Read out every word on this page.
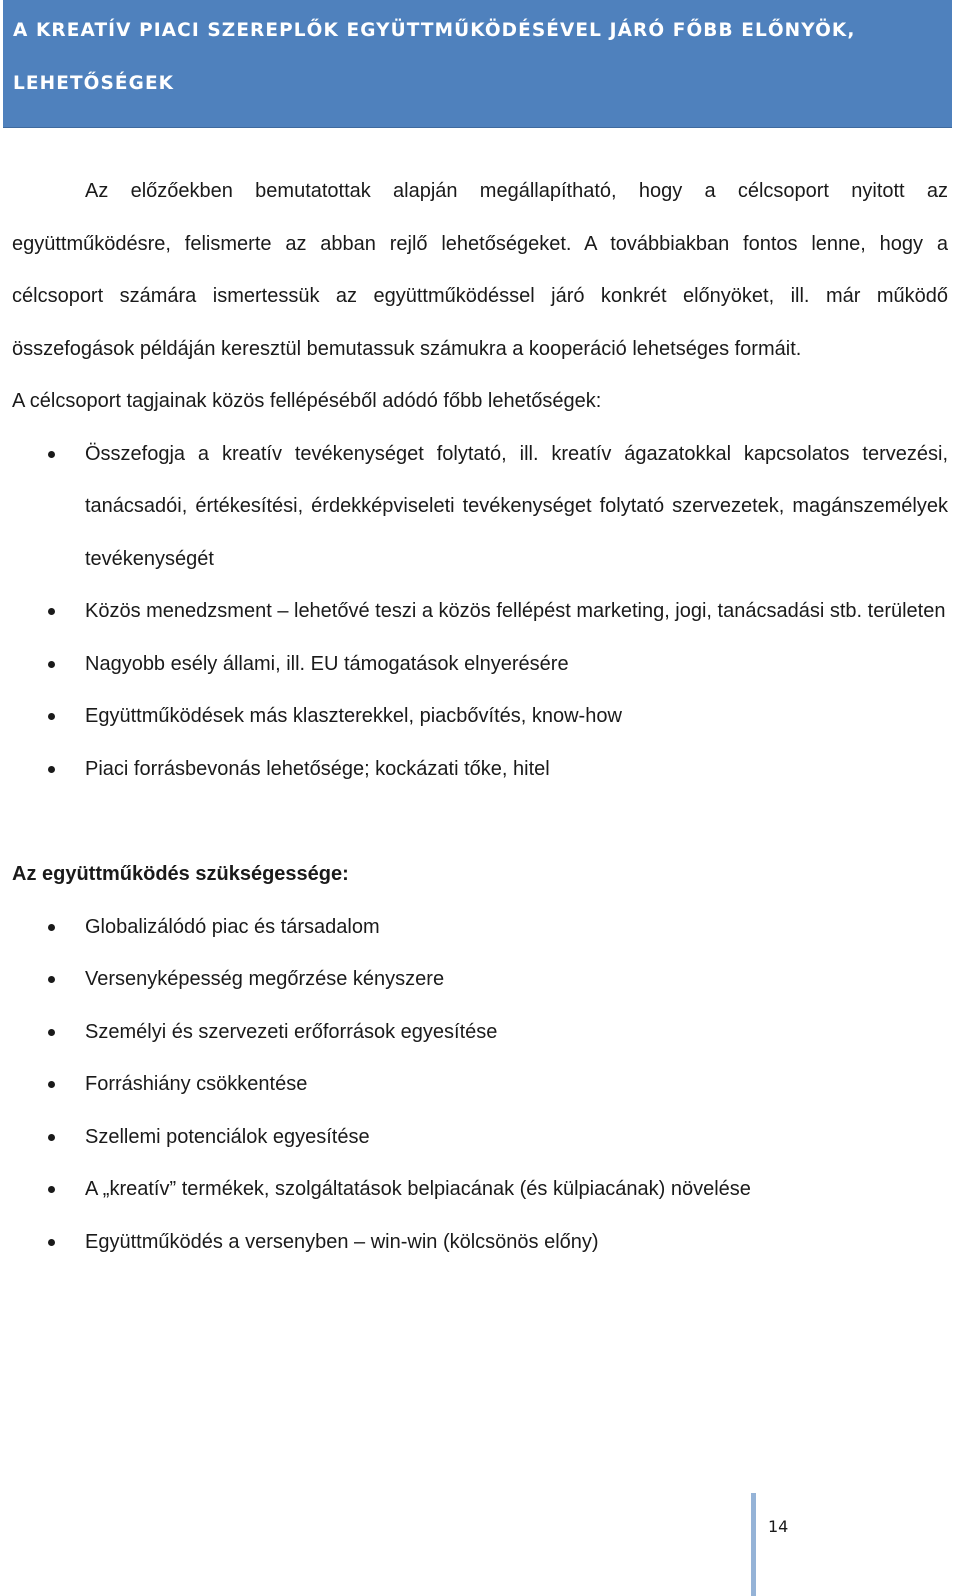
A KREATÍV PIACI SZEREPLŐK EGYÜTTMŰKÖDÉSÉVEL JÁRÓ FŐBB ELŐNYÖK, LEHETŐSÉGEK

Az előzőekben bemutatottak alapján megállapítható, hogy a célcsoport nyitott az együttműködésre, felismerte az abban rejlő lehetőségeket. A továbbiakban fontos lenne, hogy a célcsoport számára ismertessük az együttműködéssel járó konkrét előnyöket, ill. már működő összefogások példáján keresztül bemutassuk számukra a kooperáció lehetséges formáit.

A célcsoport tagjainak közös fellépéséből adódó főbb lehetőségek:

Összefogja a kreatív tevékenységet folytató, ill. kreatív ágazatokkal kapcsolatos tervezési, tanácsadói, értékesítési, érdekképviseleti tevékenységet folytató szervezetek, magánszemélyek tevékenységét
Közös menedzsment – lehetővé teszi a közös fellépést marketing, jogi, tanácsadási stb. területen
Nagyobb esély állami, ill. EU támogatások elnyerésére
Együttműködések más klaszterekkel, piacbővítés, know-how
Piaci forrásbevonás lehetősége; kockázati tőke, hitel

Az együttműködés szükségessége:

Globalizálódó piac és társadalom
Versenyképesség megőrzése kényszere
Személyi és szervezeti erőforrások egyesítése
Forráshiány csökkentése
Szellemi potenciálok egyesítése
A „kreatív” termékek, szolgáltatások belpiacának (és külpiacának) növelése
Együttműködés a versenyben – win-win (kölcsönös előny)
14
